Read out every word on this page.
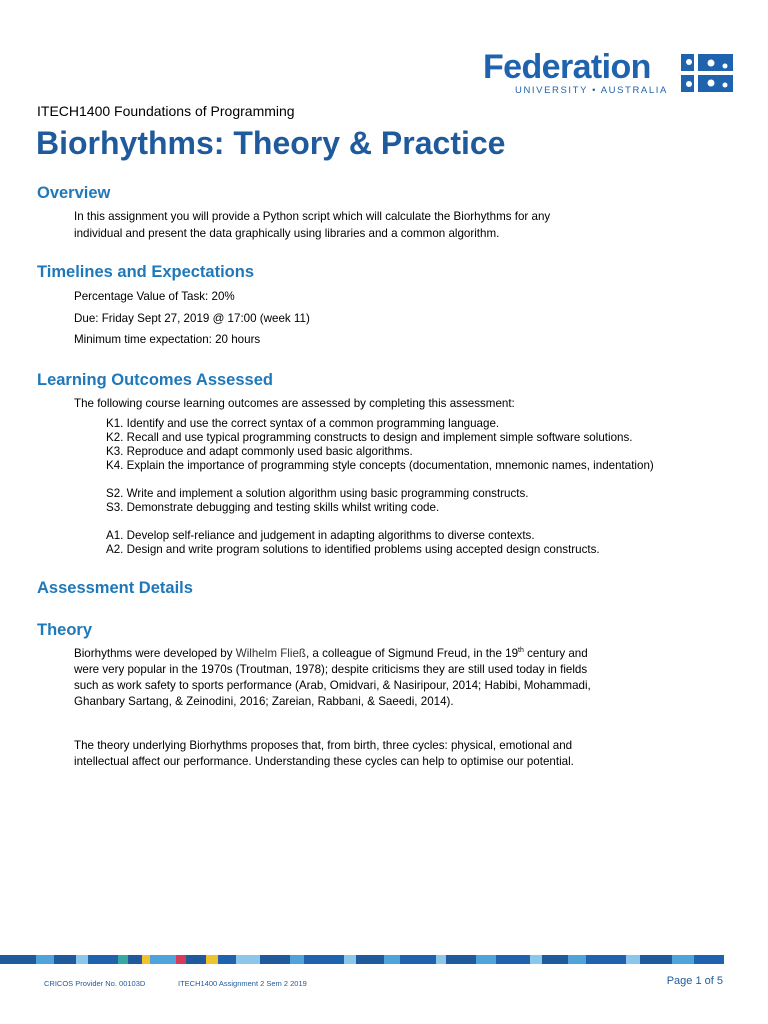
Federation
UNIVERSITY • AUSTRALIA
ITECH1400 Foundations of Programming
Biorhythms: Theory & Practice
Overview
In this assignment you will provide a Python script which will calculate the Biorhythms for any
individual and present the data graphically using libraries and a common algorithm.
Timelines and Expectations
Percentage Value of Task: 20%
Due: Friday Sept 27, 2019 @ 17:00 (week 11)
Minimum time expectation: 20 hours
Learning Outcomes Assessed
The following course learning outcomes are assessed by completing this assessment:
K1. Identify and use the correct syntax of a common programming language.
K2. Recall and use typical programming constructs to design and implement simple software solutions.
K3. Reproduce and adapt commonly used basic algorithms.
K4. Explain the importance of programming style concepts (documentation, mnemonic names, indentation)
S2. Write and implement a solution algorithm using basic programming constructs.
S3. Demonstrate debugging and testing skills whilst writing code.
A1. Develop self-reliance and judgement in adapting algorithms to diverse contexts.
A2. Design and write program solutions to identified problems using accepted design constructs.
Assessment Details
Theory
Biorhythms were developed by Wilhelm Fließ, a colleague of Sigmund Freud, in the 19th century and
were very popular in the 1970s (Troutman, 1978); despite criticisms they are still used today in fields
such as work safety to sports performance (Arab, Omidvari, & Nasiripour, 2014; Habibi, Mohammadi,
Ghanbary Sartang, & Zeinodini, 2016; Zareian, Rabbani, & Saeedi, 2014).
The theory underlying Biorhythms proposes that, from birth, three cycles: physical, emotional and
intellectual affect our performance. Understanding these cycles can help to optimise our potential.
CRICOS Provider No. 00103D	ITECH1400 Assignment 2 Sem 2 2019	Page 1 of 5
